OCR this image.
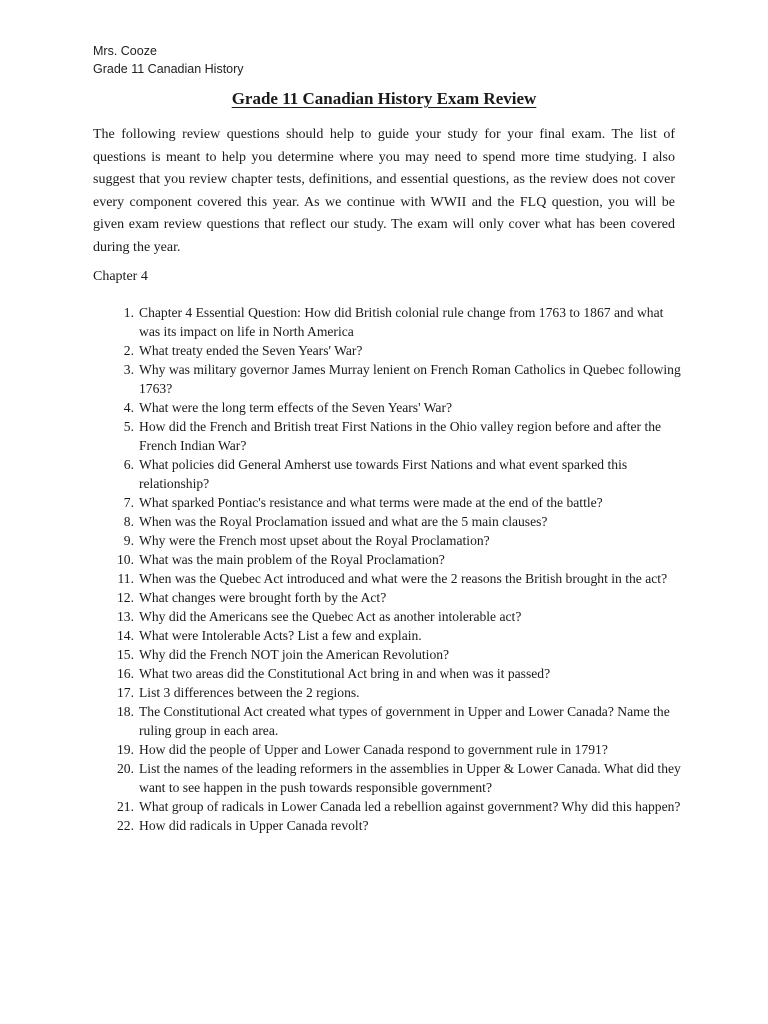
Mrs. Cooze
Grade 11 Canadian History
Grade 11 Canadian History Exam Review

The following review questions should help to guide your study for your final exam. The list of questions is meant to help you determine where you may need to spend more time studying. I also suggest that you review chapter tests, definitions, and essential questions, as the review does not cover every component covered this year. As we continue with WWII and the FLQ question, you will be given exam review questions that reflect our study. The exam will only cover what has been covered during the year.

Chapter 4
1. Chapter 4 Essential Question: How did British colonial rule change from 1763 to 1867 and what was its impact on life in North America
2. What treaty ended the Seven Years' War?
3. Why was military governor James Murray lenient on French Roman Catholics in Quebec following 1763?
4. What were the long term effects of the Seven Years' War?
5. How did the French and British treat First Nations in the Ohio valley region before and after the French Indian War?
6. What policies did General Amherst use towards First Nations and what event sparked this relationship?
7. What sparked Pontiac's resistance and what terms were made at the end of the battle?
8. When was the Royal Proclamation issued and what are the 5 main clauses?
9. Why were the French most upset about the Royal Proclamation?
10. What was the main problem of the Royal Proclamation?
11. When was the Quebec Act introduced and what were the 2 reasons the British brought in the act?
12. What changes were brought forth by the Act?
13. Why did the Americans see the Quebec Act as another intolerable act?
14. What were Intolerable Acts? List a few and explain.
15. Why did the French NOT join the American Revolution?
16. What two areas did the Constitutional Act bring in and when was it passed?
17. List 3 differences between the 2 regions.
18. The Constitutional Act created what types of government in Upper and Lower Canada? Name the ruling group in each area.
19. How did the people of Upper and Lower Canada respond to government rule in 1791?
20. List the names of the leading reformers in the assemblies in Upper & Lower Canada. What did they want to see happen in the push towards responsible government?
21. What group of radicals in Lower Canada led a rebellion against government? Why did this happen?
22. How did radicals in Upper Canada revolt?
